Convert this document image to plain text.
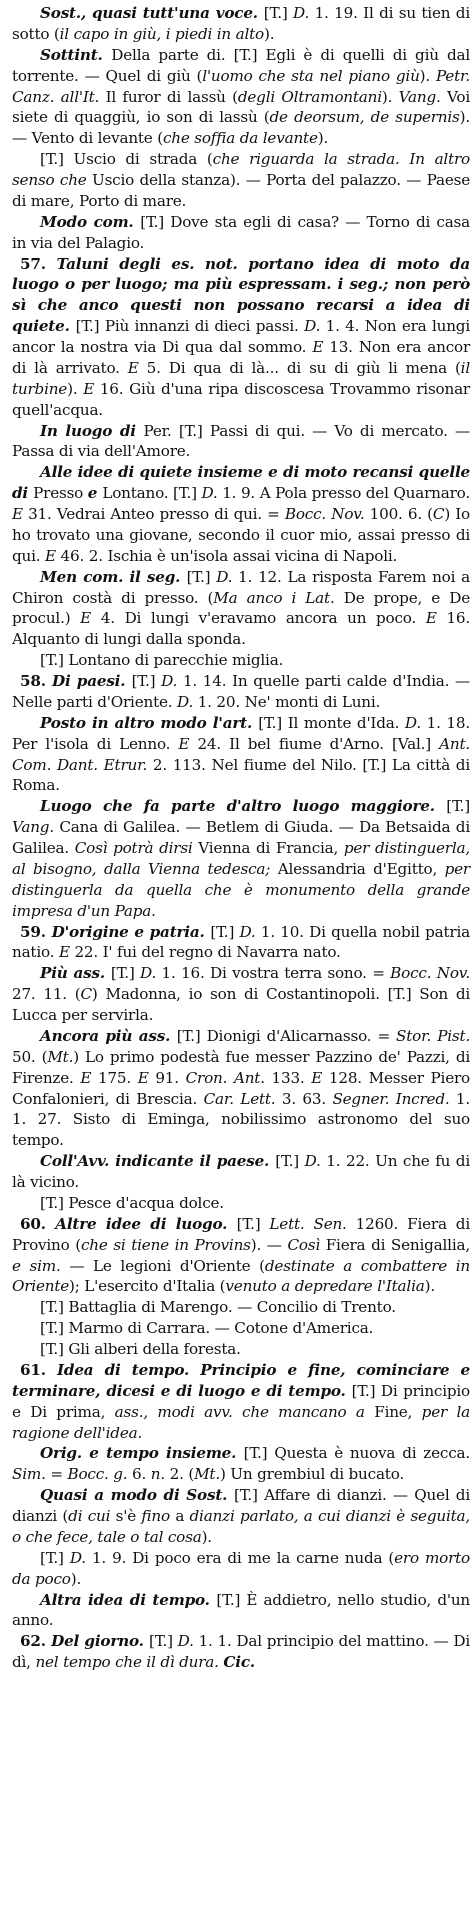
Sost., quasi tutt'una voce. [T.] D. 1. 19. Il di su tien di sotto (il capo in giù, i piedi in alto).

Sottint. Della parte di. [T.] Egli è di quelli di giù dal torrente. — Quel di giù (l'uomo che sta nel piano giù). Petr. Canz. all'It. Il furor di lassù (degli Oltramontani). Vang. Voi siete di quaggiù, io son di lassù (de deorsum, de supernis). — Vento di levante (che soffia da levante).

[T.] Uscio di strada (che riguarda la strada. In altro senso che Uscio della stanza). — Porta del palazzo. — Paese di mare, Porto di mare.

Modo com. [T.] Dove sta egli di casa? — Torno di casa in via del Palagio.

57. Taluni degli es. not. portano idea di moto da luogo o per luogo; ma più espressam. i seg.; non però sì che anco questi non possano recarsi a idea di quiete. [T.] Più innanzi di dieci passi. D. 1. 4. Non era lungi ancor la nostra via Di qua dal sommo. E 13. Non era ancor di là arrivato. E 5. Di qua di là... di su di giù li mena (il turbine). E 16. Giù d'una ripa discoscesa Trovammo risonar quell'acqua.

In luogo di Per. [T.] Passi di qui. — Vo di mercato. — Passa di via dell'Amore.

Alle idee di quiete insieme e di moto recansi quelle di Presso e Lontano. [T.] D. 1. 9. A Pola presso del Quarnaro. E 31. Vedrai Anteo presso di qui. = Bocc. Nov. 100. 6. (C) Io ho trovato una giovane, secondo il cuor mio, assai presso di qui. E 46. 2. Ischia è un'isola assai vicina di Napoli.

Men com. il seg. [T.] D. 1. 12. La risposta Farem noi a Chiron costà di presso. (Ma anco i Lat. De prope, e De procul.) E 4. Di lungi v'eravamo ancora un poco. E 16. Alquanto di lungi dalla sponda.

[T.] Lontano di parecchie miglia.

58. Di paesi. [T.] D. 1. 14. In quelle parti calde d'India. — Nelle parti d'Oriente. D. 1. 20. Ne' monti di Luni.

Posto in altro modo l'art. [T.] Il monte d'Ida. D. 1. 18. Per l'isola di Lenno. E 24. Il bel fiume d'Arno. [Val.] Ant. Com. Dant. Etrur. 2. 113. Nel fiume del Nilo. [T.] La città di Roma.

Luogo che fa parte d'altro luogo maggiore. [T.] Vang. Cana di Galilea. — Betlem di Giuda. — Da Betsaida di Galilea. Così potrà dirsi Vienna di Francia, per distinguerla, al bisogno, dalla Vienna tedesca; Alessandria d'Egitto, per distinguerla da quella che è monumento della grande impresa d'un Papa.

59. D'origine e patria. [T.] D. 1. 10. Di quella nobil patria natio. E 22. I' fui del regno di Navarra nato.

Più ass. [T.] D. 1. 16. Di vostra terra sono. = Bocc. Nov. 27. 11. (C) Madonna, io son di Costantinopoli. [T.] Son di Lucca per servirla.

Ancora più ass. [T.] Dionigi d'Alicarnasso. = Stor. Pist. 50. (Mt.) Lo primo podestà fue messer Pazzino de' Pazzi, di Firenze. E 175. E 91. Cron. Ant. 133. E 128. Messer Piero Confalonieri, di Brescia. Car. Lett. 3. 63. Segner. Incred. 1. 1. 27. Sisto di Eminga, nobilissimo astronomo del suo tempo.

Coll'Avv. indicante il paese. [T.] D. 1. 22. Un che fu di là vicino.

[T.] Pesce d'acqua dolce.

60. Altre idee di luogo. [T.] Lett. Sen. 1260. Fiera di Provino (che si tiene in Provins). — Così Fiera di Senigallia, e sim. — Le legioni d'Oriente (destinate a combattere in Oriente); L'esercito d'Italia (venuto a depredare l'Italia).

[T.] Battaglia di Marengo. — Concilio di Trento.

[T.] Marmo di Carrara. — Cotone d'America.

[T.] Gli alberi della foresta.

61. Idea di tempo. Principio e fine, cominciare e terminare, dicesi e di luogo e di tempo. [T.] Di principio e Di prima, ass., modi avv. che mancano a Fine, per la ragione dell'idea.

Orig. e tempo insieme. [T.] Questa è nuova di zecca. Sim. = Bocc. g. 6. n. 2. (Mt.) Un grembiul di bucato.

Quasi a modo di Sost. [T.] Affare di dianzi. — Quel di dianzi (di cui s'è fino a dianzi parlato, a cui dianzi è seguita, o che fece, tale o tal cosa).

[T.] D. 1. 9. Di poco era di me la carne nuda (ero morto da poco).

Altra idea di tempo. [T.] È addietro, nello studio, d'un anno.

62. Del giorno. [T.] D. 1. 1. Dal principio del mattino. — Di dì, nel tempo che il dì dura. Cic.
